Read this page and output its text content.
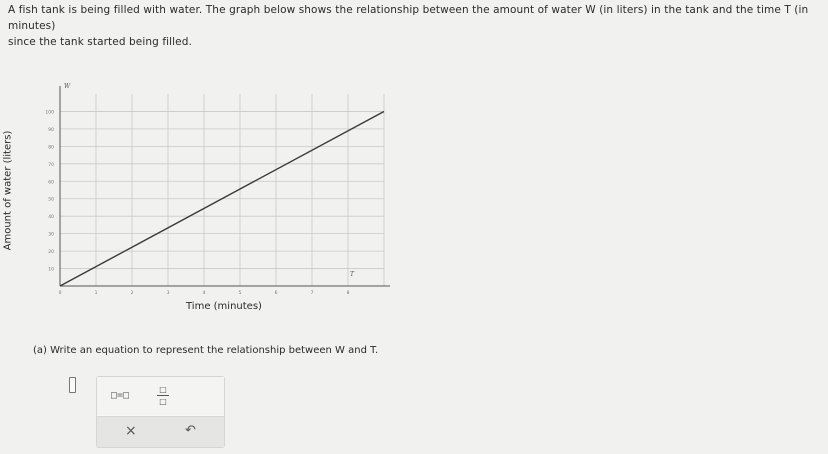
A fish tank is being filled with water. The graph below shows the relationship between the amount of water W (in liters) in the tank and the time T (in minutes)
since the tank started being filled.
10
20
30
40
50
60
70
80
90
100
0	1	2	3	4	5	6	7	8
W
T
Amount of water (liters)
Time (minutes)
(a) Write an equation to represent the relationship between W and T.
□=□
□
□
×	↶
